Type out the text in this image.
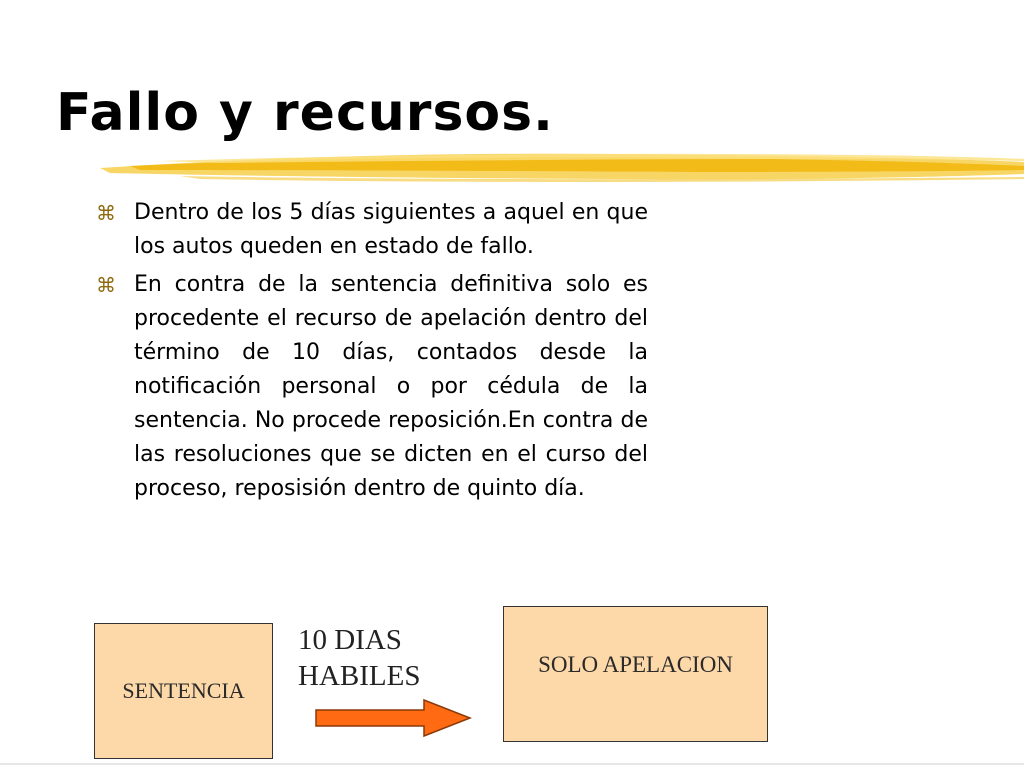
Fallo y recursos.
⌘ Dentro de los 5 días siguientes a aquel en que los autos queden en estado de fallo.
⌘ En contra de la sentencia definitiva solo es procedente el recurso de apelación dentro del término de 10 días, contados desde la notificación personal o por cédula de la sentencia. No procede reposición.En contra de las resoluciones que se dicten en el curso del proceso, reposisión dentro de quinto día.
SENTENCIA
10 DIAS
HABILES	SOLO APELACION
